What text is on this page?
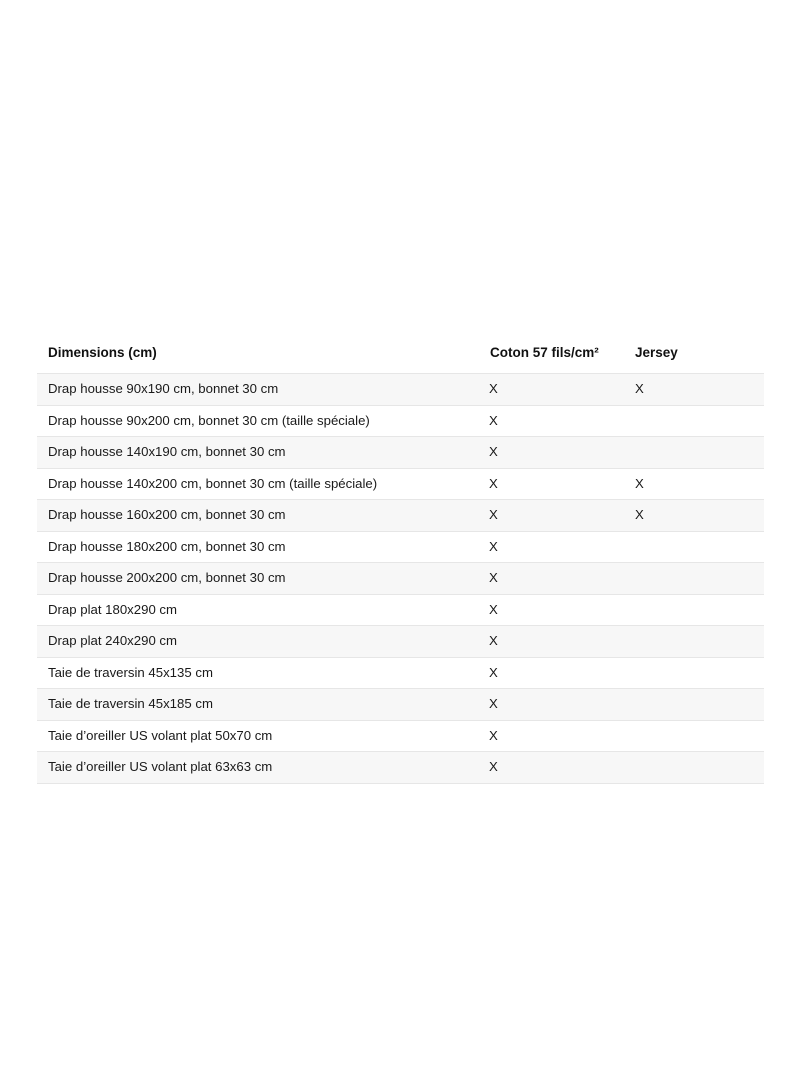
Dimensions (cm)	Coton 57 fils/cm²	Jersey
Drap housse 90x190 cm, bonnet 30 cm	X	X
Drap housse 90x200 cm, bonnet 30 cm (taille spéciale)	X	
Drap housse 140x190 cm, bonnet 30 cm	X	
Drap housse 140x200 cm, bonnet 30 cm (taille spéciale)	X	X
Drap housse 160x200 cm, bonnet 30 cm	X	X
Drap housse 180x200 cm, bonnet 30 cm	X	
Drap housse 200x200 cm, bonnet 30 cm	X	
Drap plat 180x290 cm	X	
Drap plat 240x290 cm	X	
Taie de traversin 45x135 cm	X	
Taie de traversin 45x185 cm	X	
Taie d’oreiller US volant plat 50x70 cm	X	
Taie d’oreiller US volant plat 63x63 cm	X	
